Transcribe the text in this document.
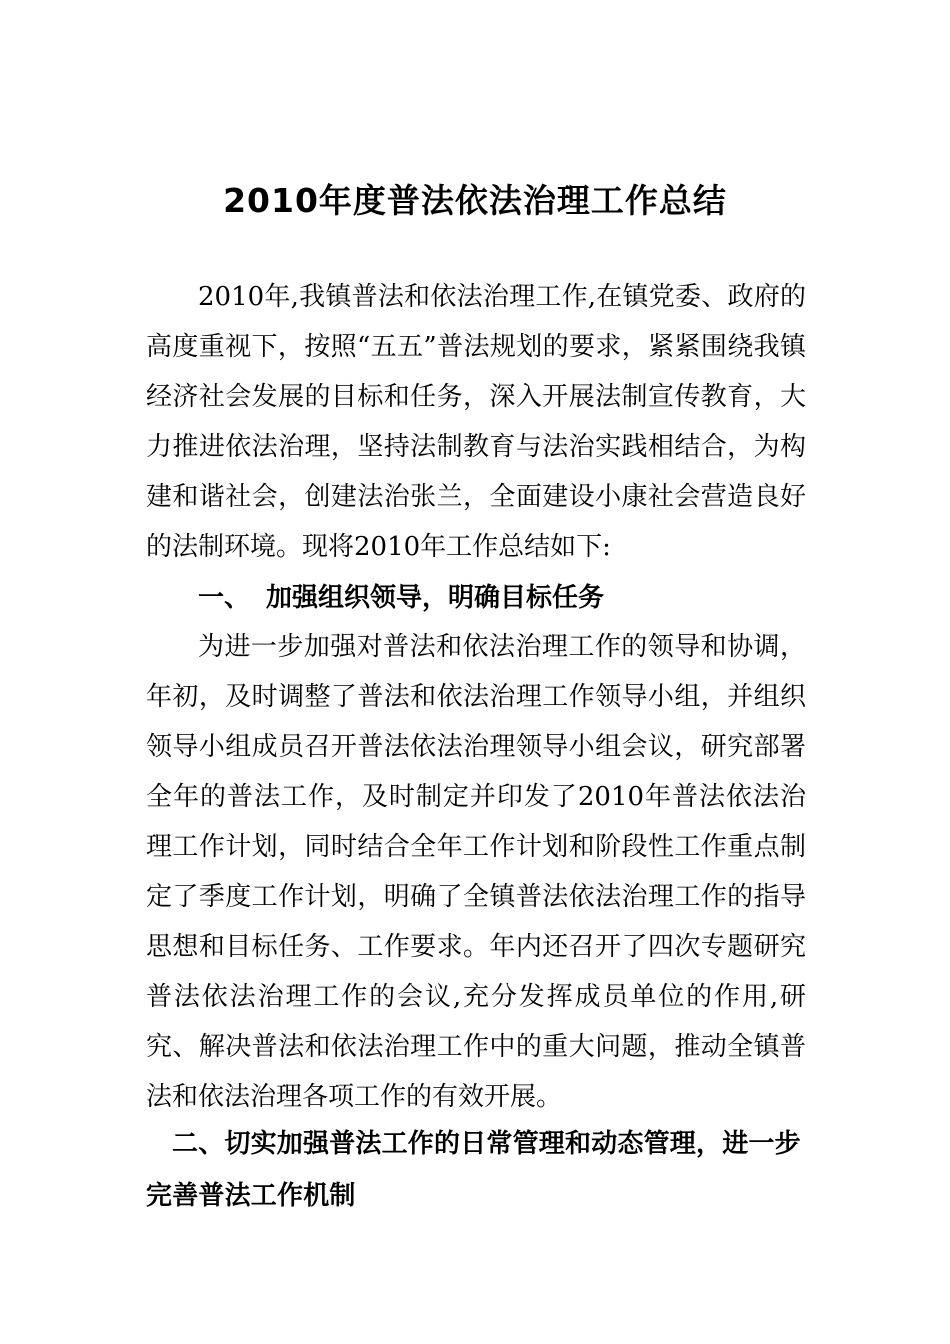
2010年度普法依法治理工作总结

2010年,我镇普法和依法治理工作,在镇党委、政府的高度重视下，按照“五五”普法规划的要求，紧紧围绕我镇经济社会发展的目标和任务，深入开展法制宣传教育，大力推进依法治理，坚持法制教育与法治实践相结合，为构建和谐社会，创建法治张兰，全面建设小康社会营造良好的法制环境。现将2010年工作总结如下:

一、 加强组织领导，明确目标任务

为进一步加强对普法和依法治理工作的领导和协调，年初，及时调整了普法和依法治理工作领导小组，并组织领导小组成员召开普法依法治理领导小组会议，研究部署全年的普法工作，及时制定并印发了2010年普法依法治理工作计划，同时结合全年工作计划和阶段性工作重点制定了季度工作计划，明确了全镇普法依法治理工作的指导思想和目标任务、工作要求。年内还召开了四次专题研究普法依法治理工作的会议,充分发挥成员单位的作用,研究、解决普法和依法治理工作中的重大问题，推动全镇普法和依法治理各项工作的有效开展。

二、切实加强普法工作的日常管理和动态管理，进一步完善普法工作机制
